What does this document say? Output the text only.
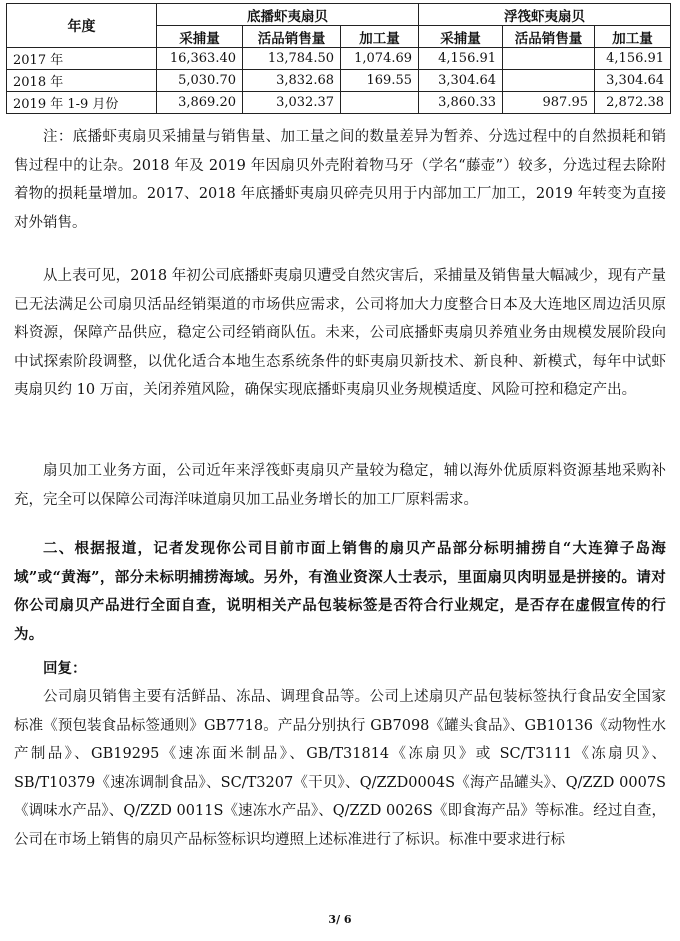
年度	底播虾夷扇贝			浮筏虾夷扇贝		
	采捕量	活品销售量	加工量	采捕量	活品销售量	加工量
2017 年	16,363.40	13,784.50	1,074.69	4,156.91		4,156.91
2018 年	5,030.70	3,832.68	169.55	3,304.64		3,304.64
2019 年 1-9 月份	3,869.20	3,032.37		3,860.33	987.95	2,872.38

注：底播虾夷扇贝采捕量与销售量、加工量之间的数量差异为暂养、分选过程中的自然损耗和销售过程中的让杂。2018 年及 2019 年因扇贝外壳附着物马牙（学名“藤壶”）较多，分选过程去除附着物的损耗量增加。2017、2018 年底播虾夷扇贝碎壳贝用于内部加工厂加工，2019 年转变为直接对外销售。

从上表可见，2018 年初公司底播虾夷扇贝遭受自然灾害后，采捕量及销售量大幅减少，现有产量已无法满足公司扇贝活品经销渠道的市场供应需求，公司将加大力度整合日本及大连地区周边活贝原料资源，保障产品供应，稳定公司经销商队伍。未来，公司底播虾夷扇贝养殖业务由规模发展阶段向中试探索阶段调整，以优化适合本地生态系统条件的虾夷扇贝新技术、新良种、新模式，每年中试虾夷扇贝约 10 万亩，关闭养殖风险，确保实现底播虾夷扇贝业务规模适度、风险可控和稳定产出。

扇贝加工业务方面，公司近年来浮筏虾夷扇贝产量较为稳定，辅以海外优质原料资源基地采购补充，完全可以保障公司海洋味道扇贝加工品业务增长的加工厂原料需求。

二、根据报道，记者发现你公司目前市面上销售的扇贝产品部分标明捕捞自“大连獐子岛海域”或“黄海”，部分未标明捕捞海域。另外，有渔业资深人士表示，里面扇贝肉明显是拼接的。请对你公司扇贝产品进行全面自查，说明相关产品包装标签是否符合行业规定，是否存在虚假宣传的行为。

回复：

公司扇贝销售主要有活鲜品、冻品、调理食品等。公司上述扇贝产品包装标签执行食品安全国家标准《预包装食品标签通则》GB7718。产品分别执行 GB7098《罐头食品》、GB10136《动物性水产制品》、GB19295《速冻面米制品》、GB/T31814《冻扇贝》或 SC/T3111《冻扇贝》、SB/T10379《速冻调制食品》、SC/T3207《干贝》、Q/ZZD0004S《海产品罐头》、Q/ZZD 0007S《调味水产品》、Q/ZZD 0011S《速冻水产品》、Q/ZZD 0026S《即食海产品》等标准。经过自查，公司在市场上销售的扇贝产品标签标识均遵照上述标准进行了标识。标准中要求进行标

3/ 6
